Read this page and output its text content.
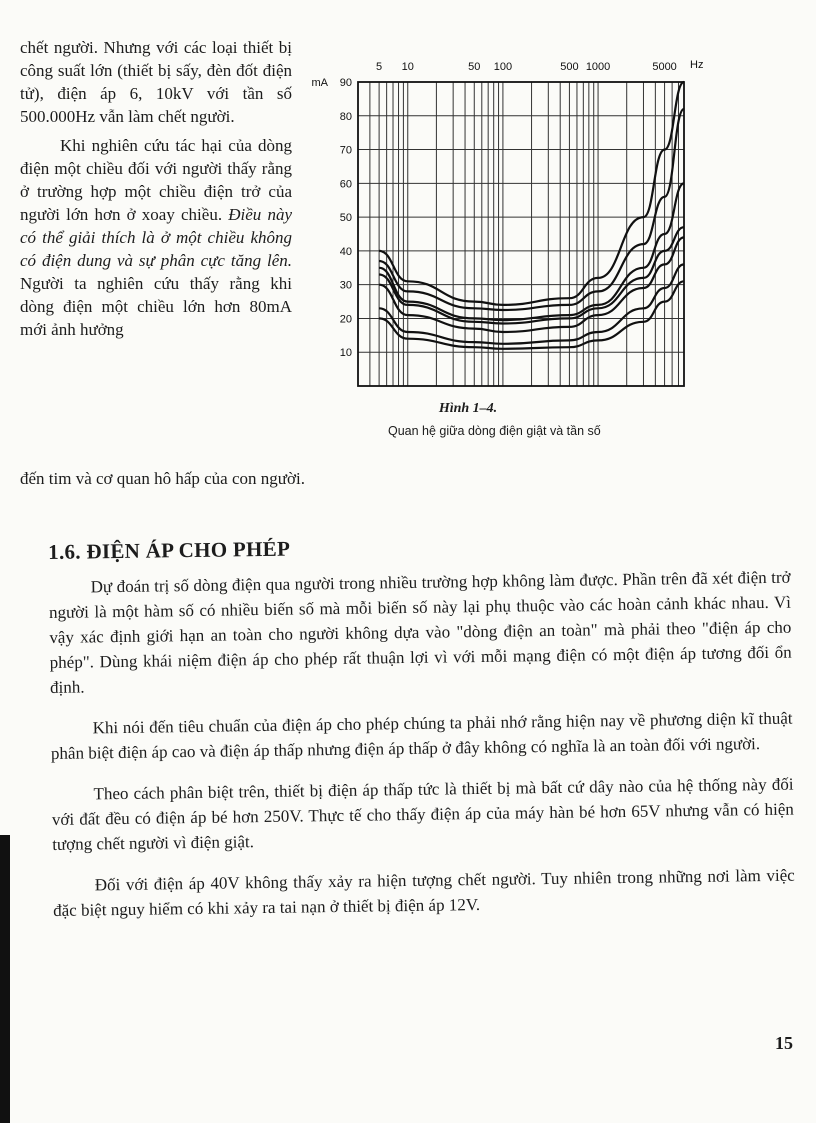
chết người. Nhưng với các loại thiết bị công suất lớn (thiết bị sấy, đèn đốt điện tử), điện áp 6, 10kV với tần số 500.000Hz vẫn làm chết người.

Khi nghiên cứu tác hại của dòng điện một chiều đối với người thấy rằng ở trường hợp một chiều điện trở của người lớn hơn ở xoay chiều. Điều này có thể giải thích là ở một chiều không có điện dung và sự phân cực tăng lên. Người ta nghiên cứu thấy rằng khi dòng điện một chiều lớn hơn 80mA mới ảnh hưởng

đến tim và cơ quan hô hấp của con người.
90
80
70
60
50
40
30
20
10
mA
5 10	50 100	500 1000	5000 Hz
Hình 1–4.
Quan hệ giữa dòng điện giật và tần số
1.6. ĐIỆN ÁP CHO PHÉP

Dự đoán trị số dòng điện qua người trong nhiều trường hợp không làm được. Phần trên đã xét điện trở người là một hàm số có nhiều biến số mà mỗi biến số này lại phụ thuộc vào các hoàn cảnh khác nhau. Vì vậy xác định giới hạn an toàn cho người không dựa vào "dòng điện an toàn" mà phải theo "điện áp cho phép". Dùng khái niệm điện áp cho phép rất thuận lợi vì với mỗi mạng điện có một điện áp tương đối ổn định.

Khi nói đến tiêu chuẩn của điện áp cho phép chúng ta phải nhớ rằng hiện nay về phương diện kĩ thuật phân biệt điện áp cao và điện áp thấp nhưng điện áp thấp ở đây không có nghĩa là an toàn đối với người.

Theo cách phân biệt trên, thiết bị điện áp thấp tức là thiết bị mà bất cứ dây nào của hệ thống này đối với đất đều có điện áp bé hơn 250V. Thực tế cho thấy điện áp của máy hàn bé hơn 65V nhưng vẫn có hiện tượng chết người vì điện giật.

Đối với điện áp 40V không thấy xảy ra hiện tượng chết người. Tuy nhiên trong những nơi làm việc đặc biệt nguy hiểm có khi xảy ra tai nạn ở thiết bị điện áp 12V.

15
